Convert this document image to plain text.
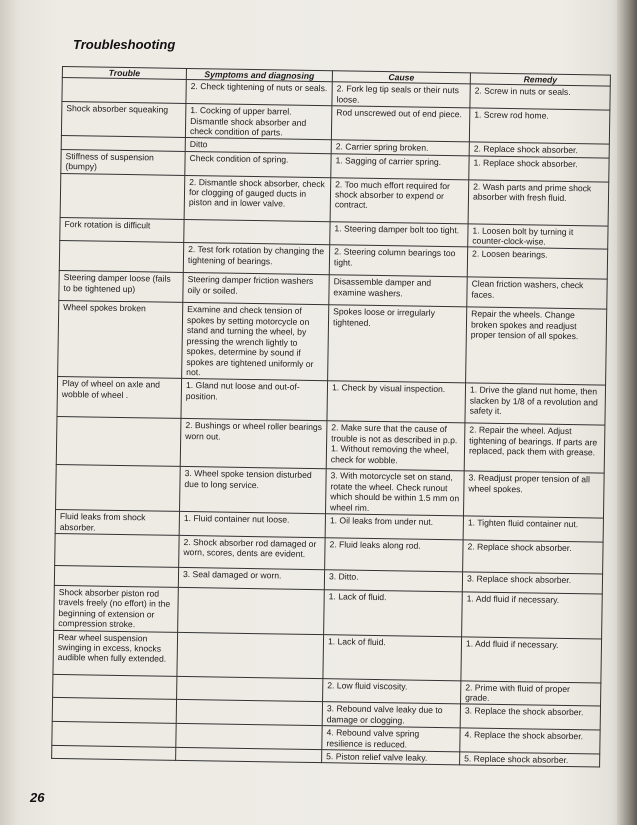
Troubleshooting
Trouble	Symptoms and diagnosing	Cause	Remedy
	2. Check tightening of nuts or seals.	2. Fork leg tip seals or their nuts loose.	2. Screw in nuts or seals.
Shock absorber squeaking	1. Cocking of upper barrel. Dismantle shock absorber and check condition of parts.	Rod unscrewed out of end piece.	1. Screw rod home.
	Ditto	2. Carrier spring broken.	2. Replace shock absorber.
Stiffness of suspension (bumpy)	Check condition of spring.	1. Sagging of carrier spring.	1. Replace shock absorber.
	2. Dismantle shock absorber, check for clogging of gauged ducts in piston and in lower valve.	2. Too much effort required for shock absorber to expend or contract.	2. Wash parts and prime shock absorber with fresh fluid.
Fork rotation is difficult		1. Steering damper bolt too tight.	1. Loosen bolt by turning it counter-clock-wise.
	2. Test fork rotation by changing the tightening of bearings.	2. Steering column bearings too tight.	2. Loosen bearings.
Steering damper loose (fails to be tightened up)	Steering damper friction washers oily or soiled.	Disassemble damper and examine washers.	Clean friction washers, check faces.
Wheel spokes broken	Examine and check tension of spokes by setting motorcycle on stand and turning the wheel, by pressing the wrench lightly to spokes, determine by sound if spokes are tightened uniformly or not.	Spokes loose or irregularly tightened.	Repair the wheels. Change broken spokes and readjust proper tension of all spokes.
Play of wheel on axle and wobble of wheel .	1. Gland nut loose and out-of-position.	1. Check by visual inspection.	1. Drive the gland nut home, then slacken by 1/8 of a revolution and safety it.
	2. Bushings or wheel roller bearings worn out.	2. Make sure that the cause of trouble is not as described in p.p. 1. Without removing the wheel, check for wobble.	2. Repair the wheel. Adjust tightening of bearings. If parts are replaced, pack them with grease.
	3. Wheel spoke tension disturbed due to long service.	3. With motorcycle set on stand, rotate the wheel. Check runout which should be within 1.5 mm on wheel rim.	3. Readjust proper tension of all wheel spokes.
Fluid leaks from shock absorber.	1. Fluid container nut loose.	1. Oil leaks from under nut.	1. Tighten fluid container nut.
	2. Shock absorber rod damaged or worn, scores, dents are evident.	2. Fluid leaks along rod.	2. Replace shock absorber.
	3. Seal damaged or worn.	3. Ditto.	3. Replace shock absorber.
Shock absorber piston rod travels freely (no effort) in the beginning of extension or compression stroke.		1. Lack of fluid.	1. Add fluid if necessary.
Rear wheel suspension swinging in excess, knocks audible when fully extended.		1. Lack of fluid.	1. Add fluid if necessary.
		2. Low fluid viscosity.	2. Prime with fluid of proper grade.
		3. Rebound valve leaky due to damage or clogging.	3. Replace the shock absorber.
		4. Rebound valve spring resilience is reduced.	4. Replace the shock absorber.
		5. Piston relief valve leaky.	5. Replace shock absorber.
26
